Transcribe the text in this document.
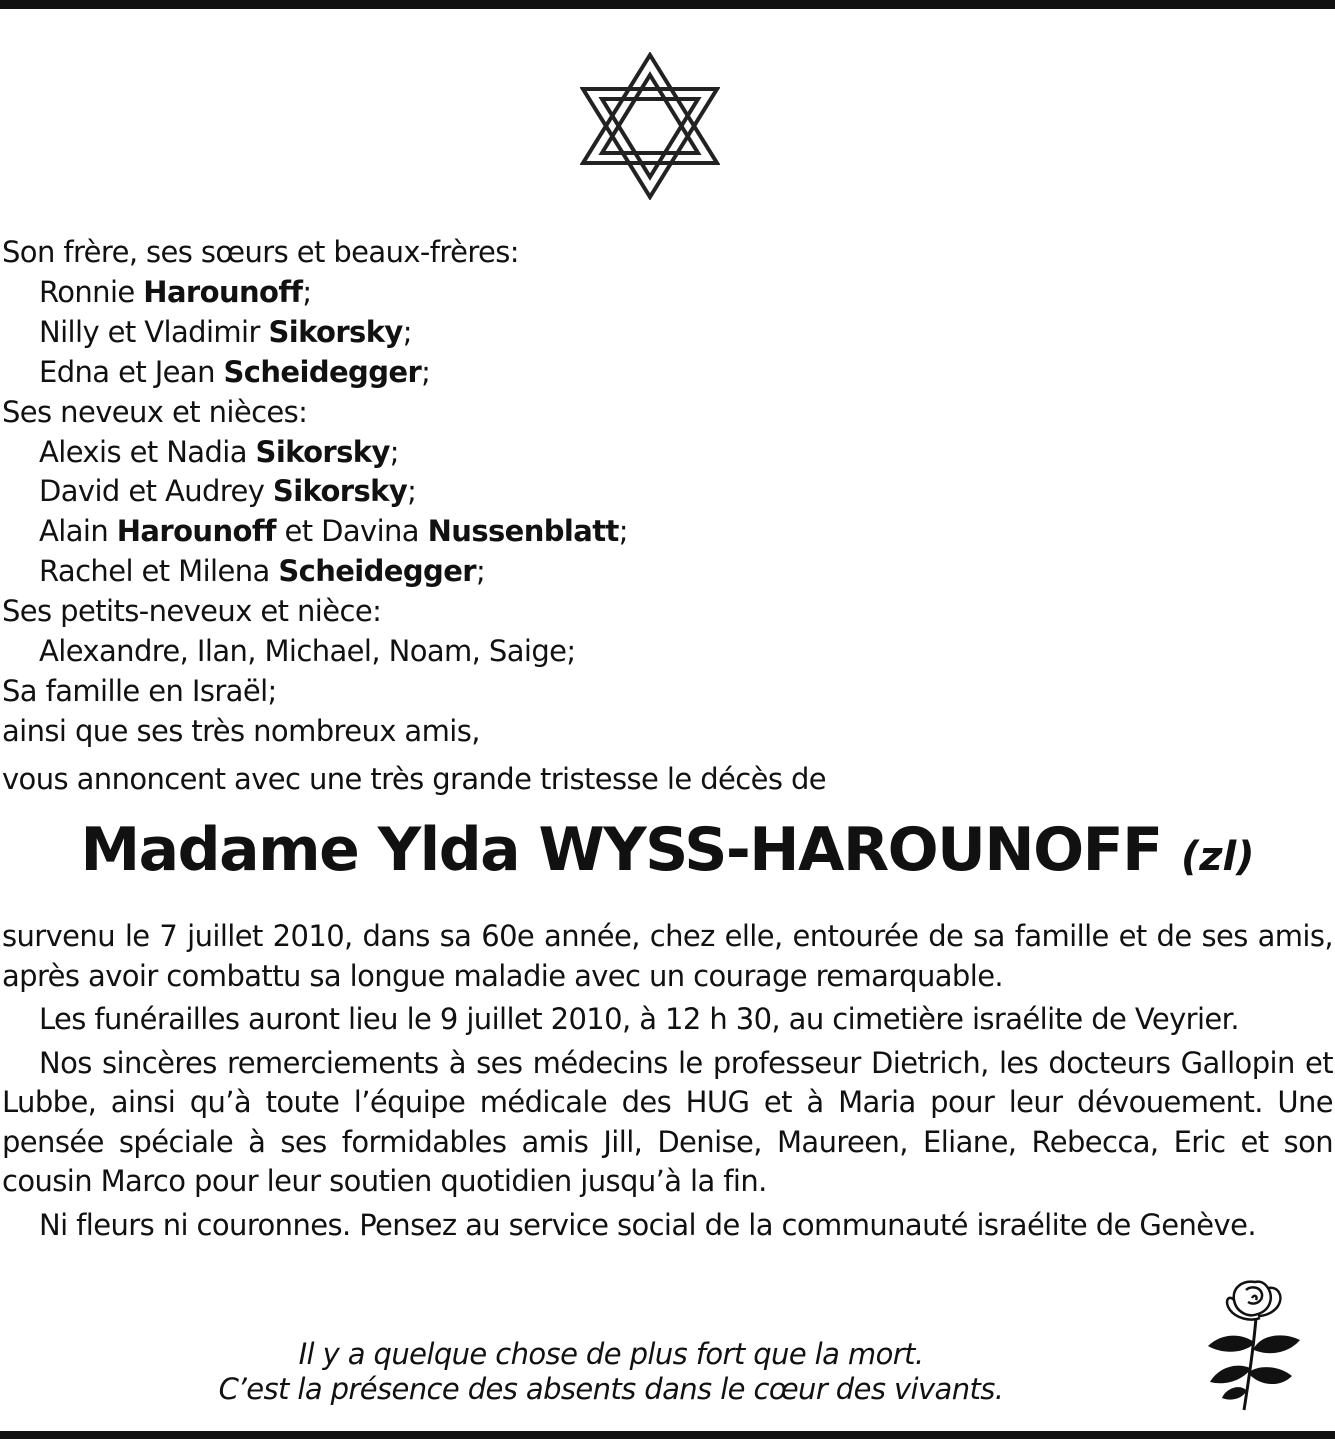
Son frère, ses sœurs et beaux-frères:
Ronnie Harounoff;
Nilly et Vladimir Sikorsky;
Edna et Jean Scheidegger;
Ses neveux et nièces:
Alexis et Nadia Sikorsky;
David et Audrey Sikorsky;
Alain Harounoff et Davina Nussenblatt;
Rachel et Milena Scheidegger;
Ses petits-neveux et nièce:
Alexandre, Ilan, Michael, Noam, Saige;
Sa famille en Israël;
ainsi que ses très nombreux amis,
vous annoncent avec une très grande tristesse le décès de
Madame Ylda WYSS-HAROUNOFF (zl)

survenu le 7 juillet 2010, dans sa 60e année, chez elle, entourée de sa famille et de ses amis, après avoir combattu sa longue maladie avec un courage remarquable.

Les funérailles auront lieu le 9 juillet 2010, à 12 h 30, au cimetière israélite de Veyrier.

Nos sincères remerciements à ses médecins le professeur Dietrich, les docteurs Gallopin et Lubbe, ainsi qu’à toute l’équipe médicale des HUG et à Maria pour leur dévouement. Une pensée spéciale à ses formidables amis Jill, Denise, Maureen, Eliane, Rebecca, Eric et son cousin Marco pour leur soutien quotidien jusqu’à la fin.

Ni fleurs ni couronnes. Pensez au service social de la communauté israélite de Genève.

Il y a quelque chose de plus fort que la mort.
C’est la présence des absents dans le cœur des vivants.
